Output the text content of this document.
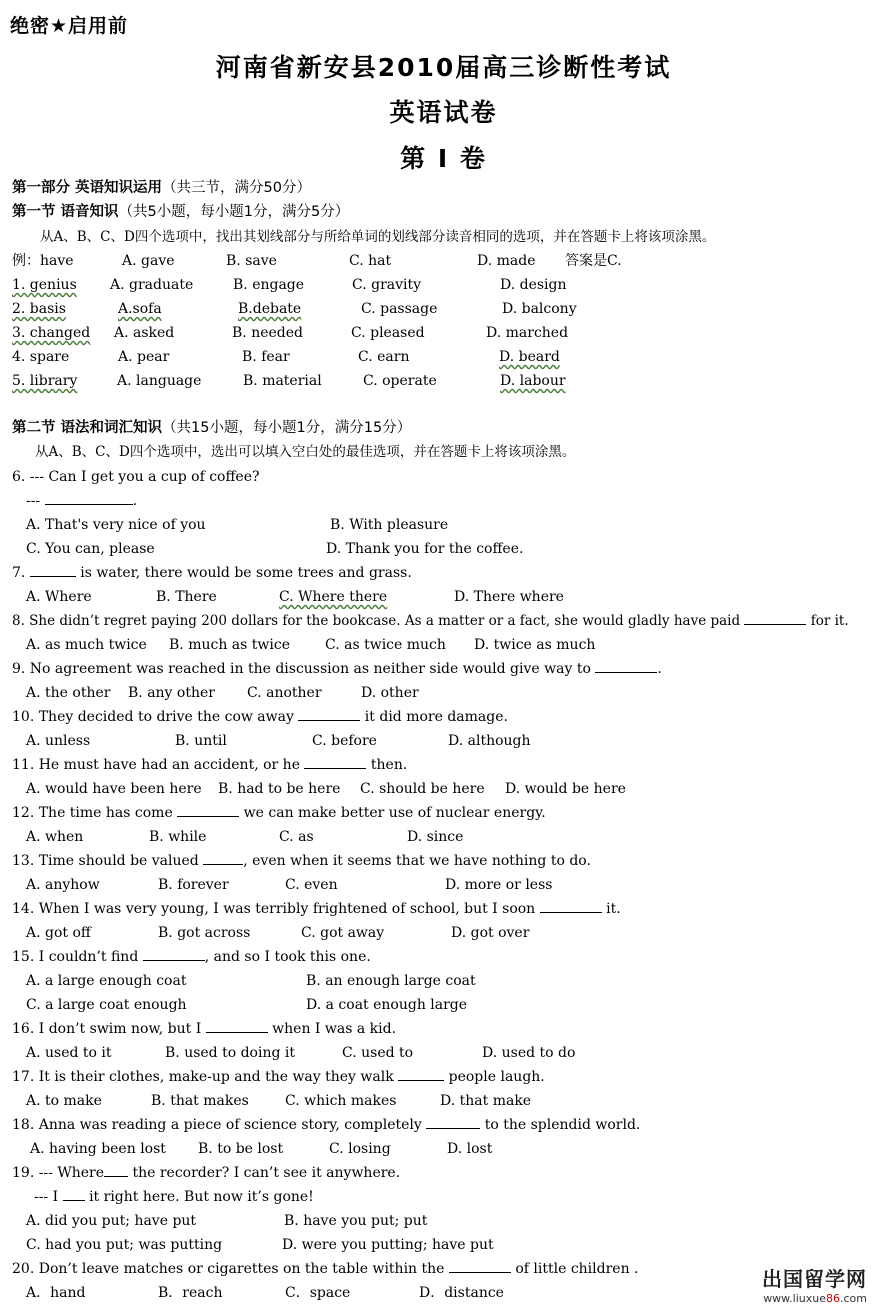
绝密★启用前
河南省新安县2010届高三诊断性考试
英语试卷
第 I 卷
第一部分 英语知识运用（共三节，满分50分）
第一节 语音知识（共5小题，每小题1分，满分5分）
从A、B、C、D四个选项中，找出其划线部分与所给单词的划线部分读音相同的选项，并在答题卡上将该项涂黑。
例：have	A. gave	B. save	C. hat	D. made 答案是C.
1. genius A. graduate	B. engage	C. gravity	D. design
2. basis	A.sofa	B.debate	C. passage	D. balcony
3. changed A. asked	B. needed	C. pleased	D. marched
4. spare	A. pear	B. fear	C. earn	D. beard
5. library	A. language	B. material	C. operate	D. labour
第二节 语法和词汇知识（共15小题，每小题1分，满分15分）
从A、B、C、D四个选项中，选出可以填入空白处的最佳选项，并在答题卡上将该项涂黑。
6. --- Can I get you a cup of coffee?
---	.
A. That's very nice of you	B. With pleasure
C. You can, please	D. Thank you for the coffee.
7.	is water, there would be some trees and grass.
A. Where	B. There	C. Where there	D. There where
8. She didn’t regret paying 200 dollars for the bookcase. As a matter or a fact, she would gladly have paid	for it.
A. as much twice B. much as twice	C. as twice much D. twice as much
9. No agreement was reached in the discussion as neither side would give way to	.
A. the other B. any other C. another	D. other
10. They decided to drive the cow away	it did more damage.
A. unless	B. until	C. before	D. although
11. He must have had an accident, or he	then.
A. would have been here B. had to be here C. should be here D. would be here
12. The time has come	we can make better use of nuclear energy.
A. when	B. while	C. as	D. since
13. Time should be valued	, even when it seems that we have nothing to do.
A. anyhow	B. forever	C. even	D. more or less
14. When I was very young, I was terribly frightened of school, but I soon	it.
A. got off	B. got across	C. got away	D. got over
15. I couldn’t find	, and so I took this one.
A. a large enough coat	B. an enough large coat
C. a large coat enough	D. a coat enough large
16. I don’t swim now, but I	when I was a kid.
A. used to it	B. used to doing it	C. used to	D. used to do
17. It is their clothes, make-up and the way they walk	people laugh.
A. to make	B. that makes	C. which makes	D. that make
18. Anna was reading a piece of science story, completely	to the splendid world.
A. having been lost B. to be lost	C. losing	D. lost
19. --- Where the recorder? I can’t see it anywhere.
--- I it right here. But now it’s gone!
A. did you put; have put	B. have you put; put
C. had you put; was putting	D. were you putting; have put
20. Don’t leave matches or cigarettes on the table within the	of little children .
A．hand	B．reach	C．space	D．distance
出国留学网
www.liuxue86.com
